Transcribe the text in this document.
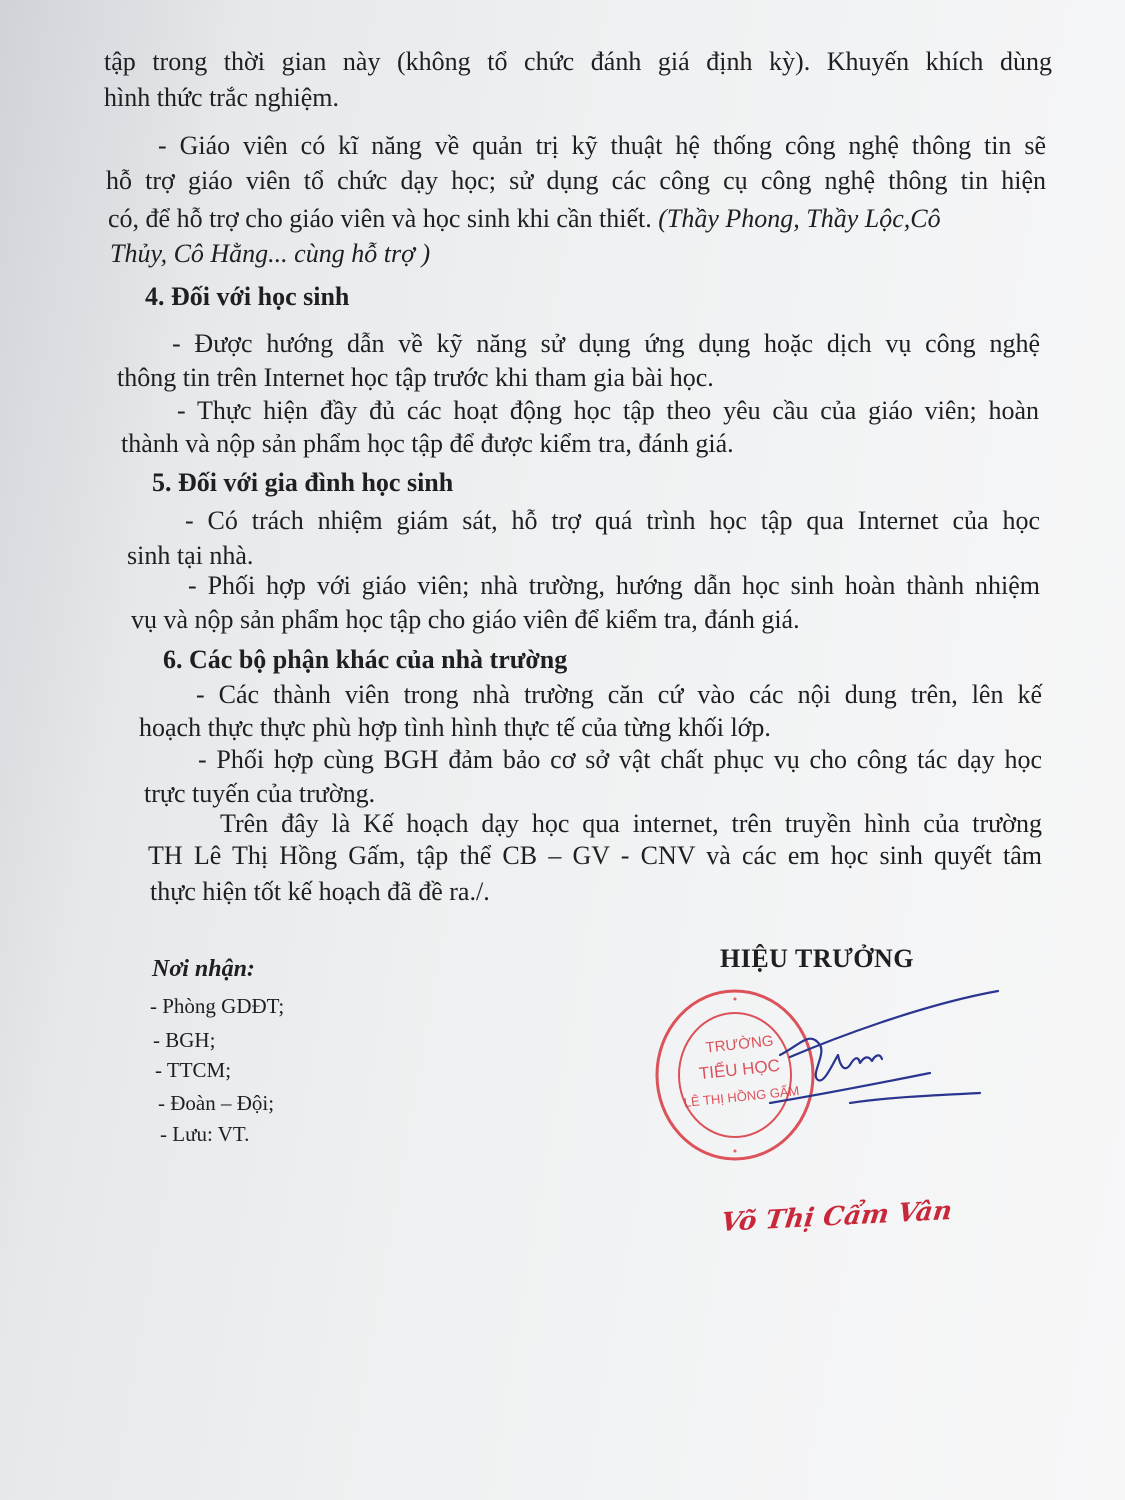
tập trong thời gian này (không tổ chức đánh giá định kỳ). Khuyến khích dùng

hình thức trắc nghiệm.

- Giáo viên có kĩ năng về quản trị kỹ thuật hệ thống công nghệ thông tin sẽ

hỗ trợ giáo viên tổ chức dạy học; sử dụng các công cụ công nghệ thông tin hiện

có, để hỗ trợ cho giáo viên và học sinh khi cần thiết. (Thầy Phong, Thầy Lộc,Cô

Thủy, Cô Hằng... cùng hỗ trợ )

4. Đối với học sinh

- Được hướng dẫn về kỹ năng sử dụng ứng dụng hoặc dịch vụ công nghệ

thông tin trên Internet học tập trước khi tham gia bài học.

- Thực hiện đầy đủ các hoạt động học tập theo yêu cầu của giáo viên; hoàn

thành và nộp sản phẩm học tập để được kiểm tra, đánh giá.

5. Đối với gia đình học sinh

- Có trách nhiệm giám sát, hỗ trợ quá trình học tập qua Internet của học

sinh tại nhà.

- Phối hợp với giáo viên; nhà trường, hướng dẫn học sinh hoàn thành nhiệm

vụ và nộp sản phẩm học tập cho giáo viên để kiểm tra, đánh giá.

6. Các bộ phận khác của nhà trường

- Các thành viên trong nhà trường căn cứ vào các nội dung trên, lên kế

hoạch thực thực phù hợp tình hình thực tế của từng khối lớp.

- Phối hợp cùng BGH đảm bảo cơ sở vật chất phục vụ cho công tác dạy học

trực tuyến của trường.

Trên đây là Kế hoạch dạy học qua internet, trên truyền hình của trường

TH Lê Thị Hồng Gấm, tập thể CB – GV - CNV và các em học sinh quyết tâm

thực hiện tốt kế hoạch đã đề ra./.

Nơi nhận:

- Phòng GDĐT;

- BGH;

- TTCM;

- Đoàn – Đội;

- Lưu: VT.

HIỆU TRƯỞNG

TRƯỜNG
TIỂU HỌC
LÊ THỊ HỒNG GẤM

Võ Thị Cẩm Vân
